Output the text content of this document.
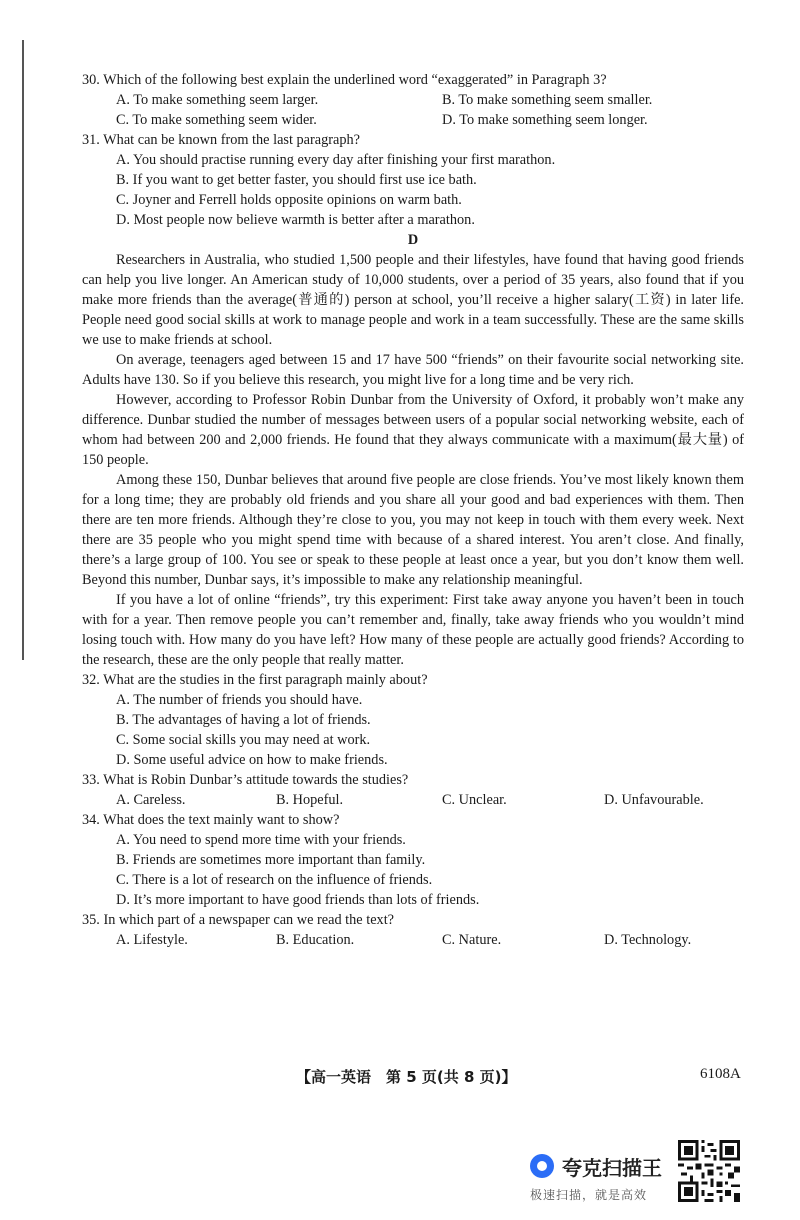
30. Which of the following best explain the underlined word “exaggerated” in Paragraph 3?

A. To make something seem larger.	B. To make something seem smaller.
C. To make something seem wider.	D. To make something seem longer.

31. What can be known from the last paragraph?

A. You should practise running every day after finishing your first marathon.

B. If you want to get better faster, you should first use ice bath.

C. Joyner and Ferrell holds opposite opinions on warm bath.

D. Most people now believe warmth is better after a marathon.

D

Researchers in Australia, who studied 1,500 people and their lifestyles, have found that having good friends can help you live longer. An American study of 10,000 students, over a period of 35 years, also found that if you make more friends than the average(普通的) person at school, you’ll receive a higher salary(工资) in later life. People need good social skills at work to manage people and work in a team successfully. These are the same skills we use to make friends at school.

On average, teenagers aged between 15 and 17 have 500 “friends” on their favourite social networking site. Adults have 130. So if you believe this research, you might live for a long time and be very rich.

However, according to Professor Robin Dunbar from the University of Oxford, it probably won’t make any difference. Dunbar studied the number of messages between users of a popular social networking website, each of whom had between 200 and 2,000 friends. He found that they always communicate with a maximum(最大量) of 150 people.

Among these 150, Dunbar believes that around five people are close friends. You’ve most likely known them for a long time; they are probably old friends and you share all your good and bad experiences with them. Then there are ten more friends. Although they’re close to you, you may not keep in touch with them every week. Next there are 35 people who you might spend time with because of a shared interest. You aren’t close. And finally, there’s a large group of 100. You see or speak to these people at least once a year, but you don’t know them well. Beyond this number, Dunbar says, it’s impossible to make any relationship meaningful.

If you have a lot of online “friends”, try this experiment: First take away anyone you haven’t been in touch with for a year. Then remove people you can’t remember and, finally, take away friends who you wouldn’t mind losing touch with. How many do you have left? How many of these people are actually good friends? According to the research, these are the only people that really matter.

32. What are the studies in the first paragraph mainly about?

A. The number of friends you should have.

B. The advantages of having a lot of friends.

C. Some social skills you may need at work.

D. Some useful advice on how to make friends.

33. What is Robin Dunbar’s attitude towards the studies?

A. Careless.	B. Hopeful.	C. Unclear.	D. Unfavourable.

34. What does the text mainly want to show?

A. You need to spend more time with your friends.

B. Friends are sometimes more important than family.

C. There is a lot of research on the influence of friends.

D. It’s more important to have good friends than lots of friends.

35. In which part of a newspaper can we read the text?

A. Lifestyle.	B. Education.	C. Nature.	D. Technology.
【高一英语　第 5 页(共 8 页)】	6108A
夸克扫描王
极速扫描，就是高效
